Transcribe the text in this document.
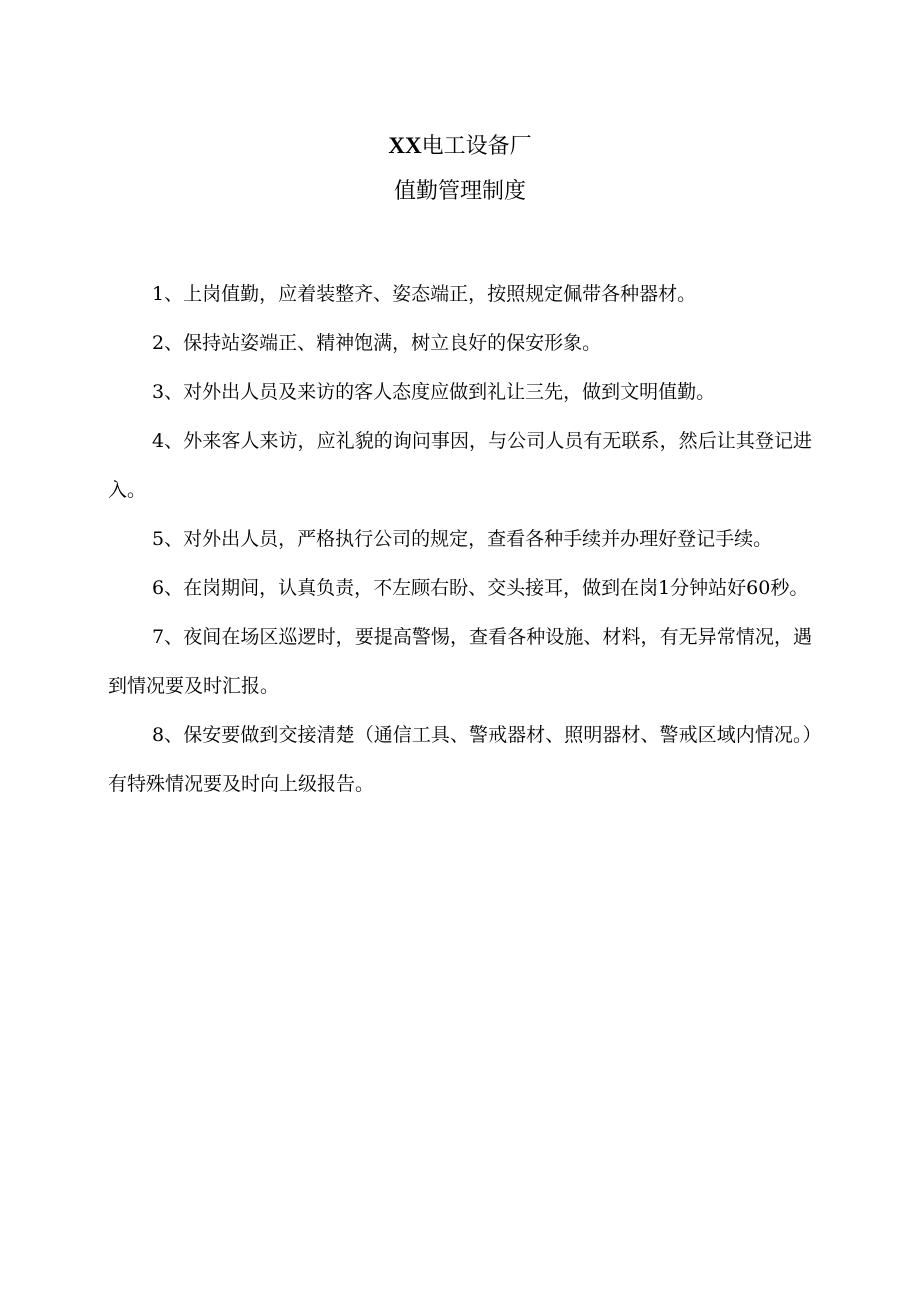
XX电工设备厂
值勤管理制度

1、上岗值勤，应着装整齐、姿态端正，按照规定佩带各种器材。

2、保持站姿端正、精神饱满，树立良好的保安形象。

3、对外出人员及来访的客人态度应做到礼让三先，做到文明值勤。

4、外来客人来访，应礼貌的询问事因，与公司人员有无联系，然后让其登记进入。

5、对外出人员，严格执行公司的规定，查看各种手续并办理好登记手续。

6、在岗期间，认真负责，不左顾右盼、交头接耳，做到在岗1分钟站好60秒。

7、夜间在场区巡逻时，要提高警惕，查看各种设施、材料，有无异常情况，遇到情况要及时汇报。

8、保安要做到交接清楚（通信工具、警戒器材、照明器材、警戒区域内情况。）有特殊情况要及时向上级报告。
